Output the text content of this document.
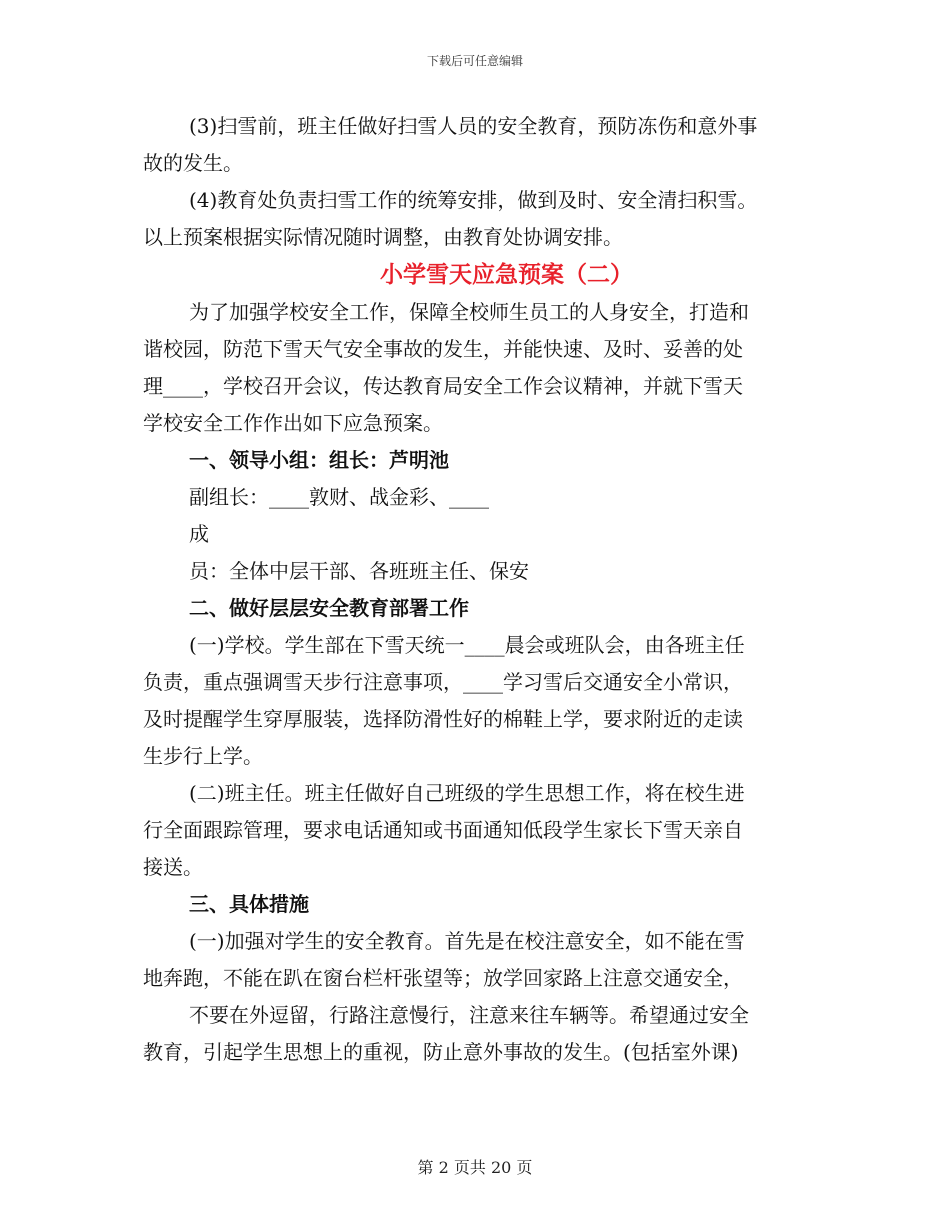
下载后可任意编辑
(3)扫雪前，班主任做好扫雪人员的安全教育，预防冻伤和意外事
故的发生。
(4)教育处负责扫雪工作的统筹安排，做到及时、安全清扫积雪。
以上预案根据实际情况随时调整，由教育处协调安排。
小学雪天应急预案（二）
为了加强学校安全工作，保障全校师生员工的人身安全，打造和
谐校园，防范下雪天气安全事故的发生，并能快速、及时、妥善的处
理____，学校召开会议，传达教育局安全工作会议精神，并就下雪天
学校安全工作作出如下应急预案。
一、领导小组：组长：芦明池
副组长：____敦财、战金彩、____
成
员：全体中层干部、各班班主任、保安
二、做好层层安全教育部署工作
(一)学校。学生部在下雪天统一____晨会或班队会，由各班主任
负责，重点强调雪天步行注意事项，____学习雪后交通安全小常识，
及时提醒学生穿厚服装，选择防滑性好的棉鞋上学，要求附近的走读
生步行上学。
(二)班主任。班主任做好自己班级的学生思想工作，将在校生进
行全面跟踪管理，要求电话通知或书面通知低段学生家长下雪天亲自
接送。
三、具体措施
(一)加强对学生的安全教育。首先是在校注意安全，如不能在雪
地奔跑，不能在趴在窗台栏杆张望等；放学回家路上注意交通安全，
不要在外逗留，行路注意慢行，注意来往车辆等。希望通过安全
教育，引起学生思想上的重视，防止意外事故的发生。(包括室外课)
第 2 页共 20 页
